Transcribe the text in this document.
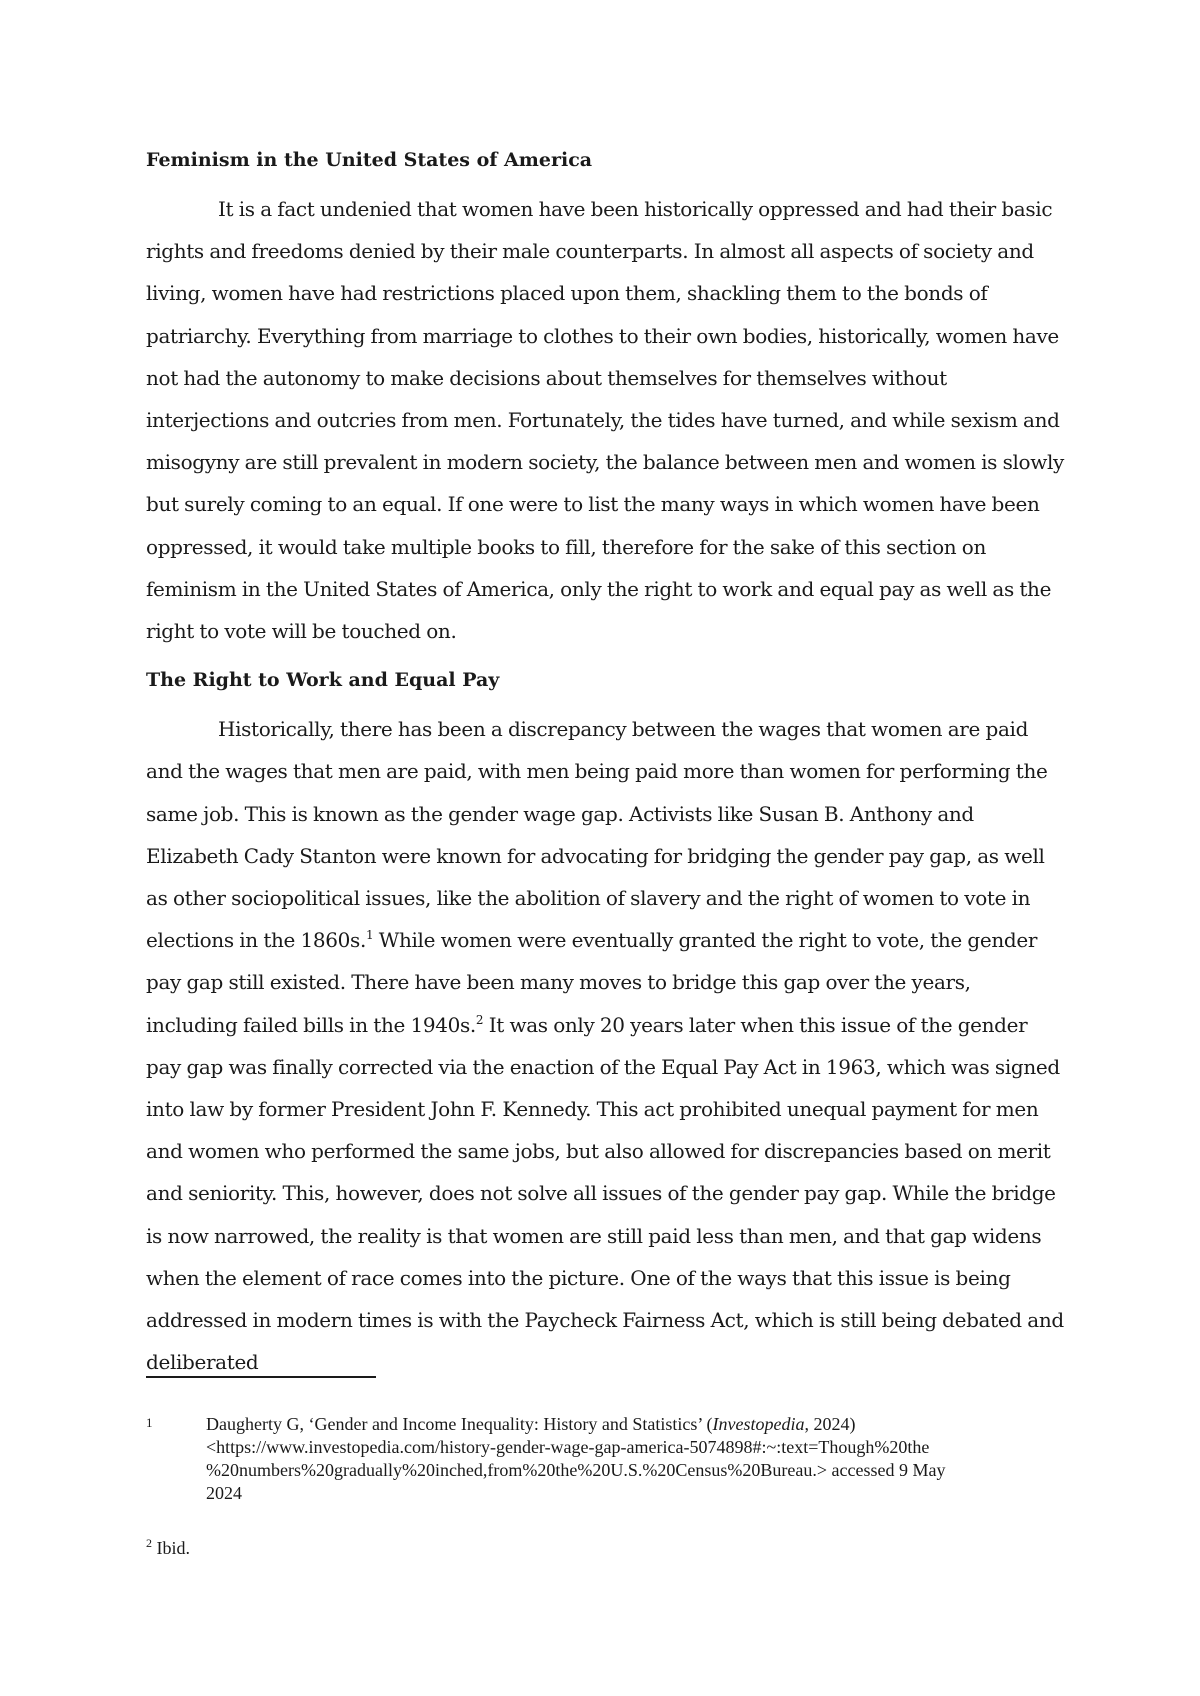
Feminism in the United States of America

It is a fact undenied that women have been historically oppressed and had their basic rights and freedoms denied by their male counterparts. In almost all aspects of society and living, women have had restrictions placed upon them, shackling them to the bonds of patriarchy. Everything from marriage to clothes to their own bodies, historically, women have not had the autonomy to make decisions about themselves for themselves without interjections and outcries from men. Fortunately, the tides have turned, and while sexism and misogyny are still prevalent in modern society, the balance between men and women is slowly but surely coming to an equal. If one were to list the many ways in which women have been oppressed, it would take multiple books to fill, therefore for the sake of this section on feminism in the United States of America, only the right to work and equal pay as well as the right to vote will be touched on.

The Right to Work and Equal Pay

Historically, there has been a discrepancy between the wages that women are paid and the wages that men are paid, with men being paid more than women for performing the same job. This is known as the gender wage gap. Activists like Susan B. Anthony and Elizabeth Cady Stanton were known for advocating for bridging the gender pay gap, as well as other sociopolitical issues, like the abolition of slavery and the right of women to vote in elections in the 1860s.$^1$ While women were eventually granted the right to vote, the gender pay gap still existed. There have been many moves to bridge this gap over the years, including failed bills in the 1940s.$^2$ It was only 20 years later when this issue of the gender pay gap was finally corrected via the enaction of the Equal Pay Act in 1963, which was signed into law by former President John F. Kennedy. This act prohibited unequal payment for men and women who performed the same jobs, but also allowed for discrepancies based on merit and seniority. This, however, does not solve all issues of the gender pay gap. While the bridge is now narrowed, the reality is that women are still paid less than men, and that gap widens when the element of race comes into the picture. One of the ways that this issue is being addressed in modern times is with the Paycheck Fairness Act, which is still being debated and deliberated

1	Daugherty G, ‘Gender and Income Inequality: History and Statistics’ (Investopedia, 2024)
<https://www.investopedia.com/history-gender-wage-gap-america-5074898#:~:text=Though%20the
%20numbers%20gradually%20inched,from%20the%20U.S.%20Census%20Bureau.> accessed 9 May
2024
$^2$ Ibid.
